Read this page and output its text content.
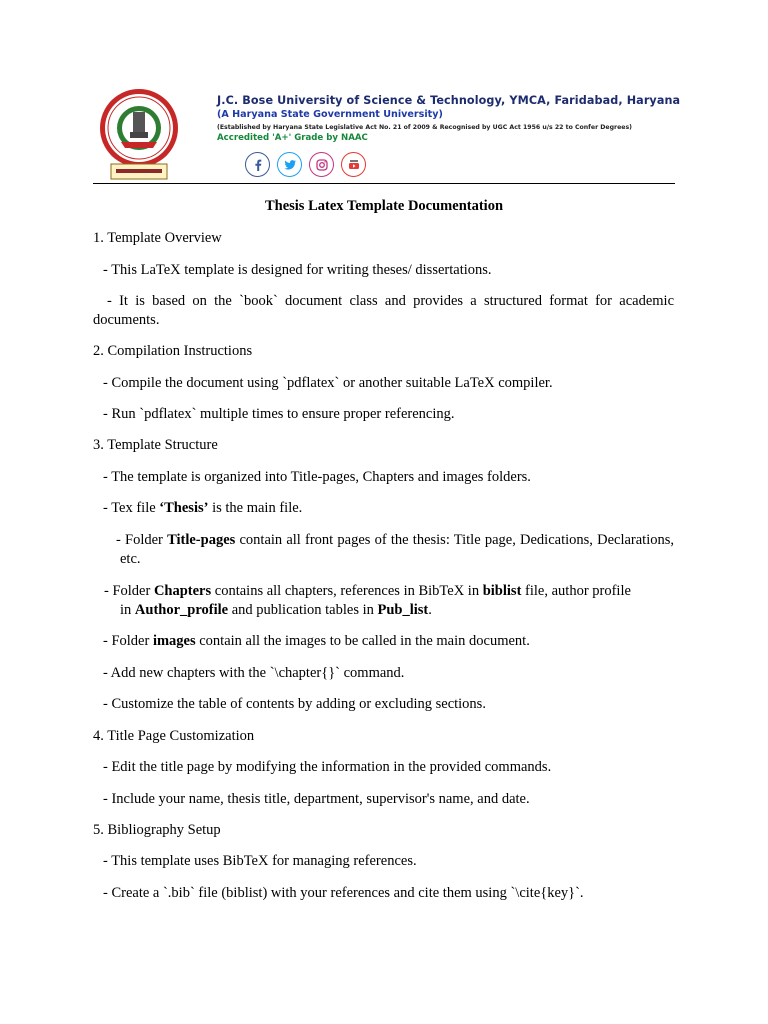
J.C. Bose University of Science & Technology, YMCA, Faridabad, Haryana
(A Haryana State Government University)
(Established by Haryana State Legislative Act No. 21 of 2009 & Recognised by UGC Act 1956 u/s 22 to Confer Degrees)
Accredited 'A+' Grade by NAAC
Thesis Latex Template Documentation
1. Template Overview
- This LaTeX template is designed for writing theses/ dissertations.
- It is based on the `book` document class and provides a structured format for academic documents.
2. Compilation Instructions
- Compile the document using `pdflatex` or another suitable LaTeX compiler.
- Run `pdflatex` multiple times to ensure proper referencing.
3. Template Structure
- The template is organized into Title-pages, Chapters and images folders.
- Tex file ‘Thesis’ is the main file.
- Folder Title-pages contain all front pages of the thesis: Title page, Dedications, Declarations, etc.
- Folder Chapters contains all chapters, references in BibTeX in biblist file, author profile
in Author_profile and publication tables in Pub_list.
- Folder images contain all the images to be called in the main document.
- Add new chapters with the `\chapter{}` command.
- Customize the table of contents by adding or excluding sections.
4. Title Page Customization
- Edit the title page by modifying the information in the provided commands.
- Include your name, thesis title, department, supervisor's name, and date.
5. Bibliography Setup
- This template uses BibTeX for managing references.
- Create a `.bib` file (biblist) with your references and cite them using `\cite{key}`.
